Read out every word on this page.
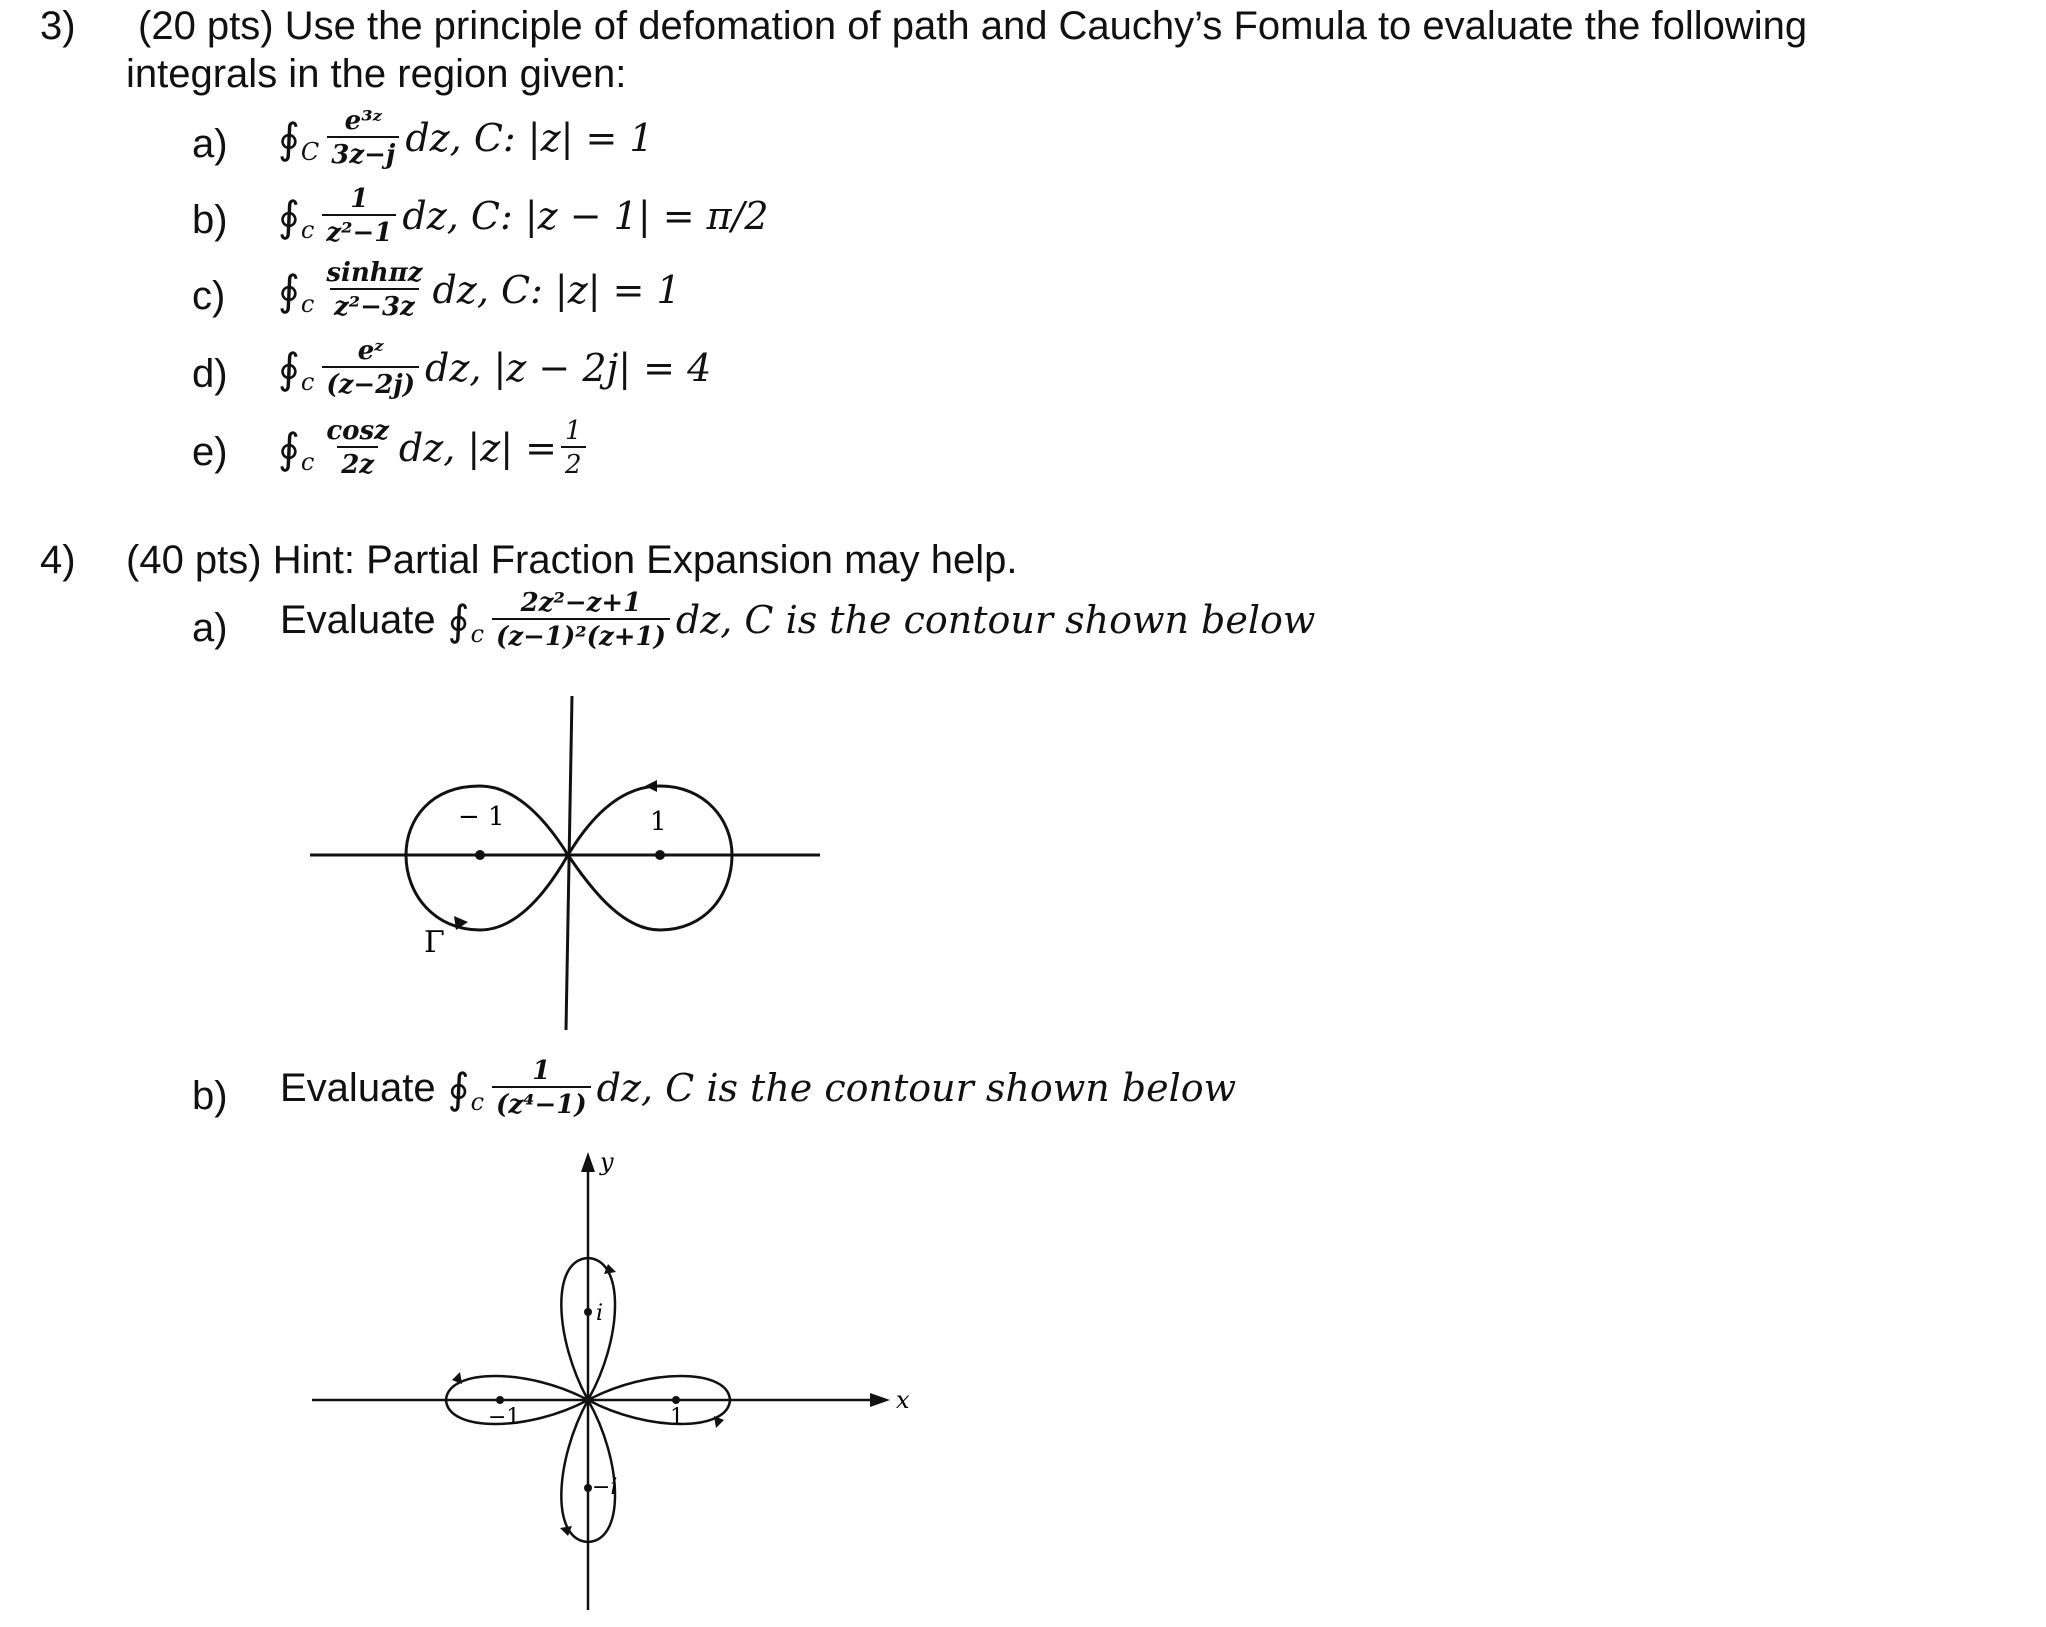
3) (20 pts) Use the principle of defomation of path and Cauchy’s Fomula to evaluate the following
integrals in the region given:
a) ∮ C $\frac{\text{e³ᶻ}}{3z-j}$ dz, C: |z| = 1
b) ∮ c $\frac{1}{\text{z²−1}}$ dz, C: |z − 1| = π/2
c) ∮ c $\frac{\sinh\pi z}{\text{z²−3z}}$ dz, C: |z| = 1
d) ∮ c $\frac{\text{eᶻ}}{(z-2j)}$ dz, |z − 2j| = 4
e) ∮ c $\frac{\cos z}{2z}$ dz, $|z| = \frac{1}{2}$
4) (40 pts) Hint: Partial Fraction Expansion may help.
a) Evaluate ∮ c $\frac{\text{2z²−z+1}}{\text{(z−1)²(z+1)}}$ dz, C is the contour shown below
− 1	1
Γ
b) Evaluate ∮ c $\frac{1}{\text{(z⁴−1)}}$ dz, C is the contour shown below
y
x
i
−i
−1	1
